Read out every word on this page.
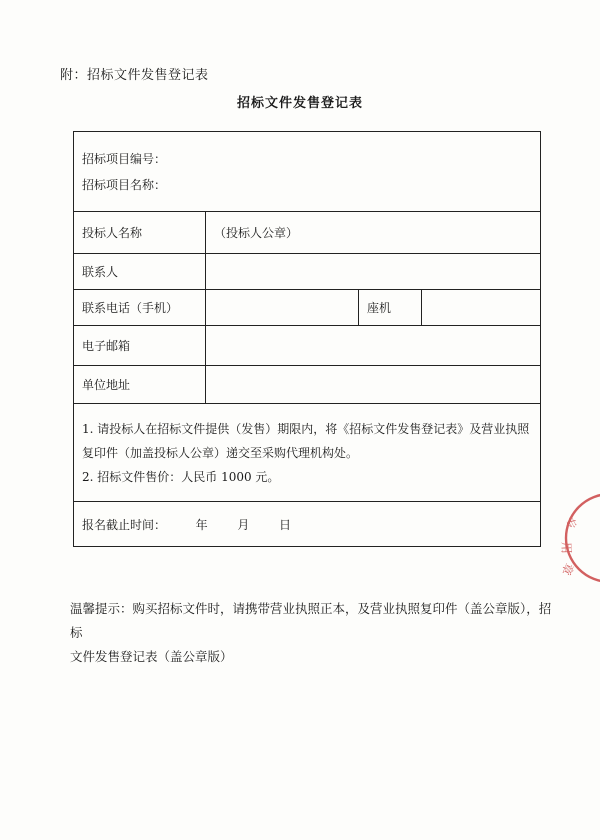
附：招标文件发售登记表
招标文件发售登记表
招标项目编号：
招标项目名称：			

投标人名称	（投标人公章）		
联系人			
联系电话（手机）		座机	
电子邮箱			
单位地址			

1. 请投标人在招标文件提供（发售）期限内，将《招标文件发售登记表》及营业执照
复印件（加盖投标人公章）递交至采购代理机构处。
2. 招标文件售价：人民币 1000 元。			

报名截止时间： 年 月 日				专
用
章
温馨提示：购买招标文件时，请携带营业执照正本，及营业执照复印件（盖公章版），招标
文件发售登记表（盖公章版）
